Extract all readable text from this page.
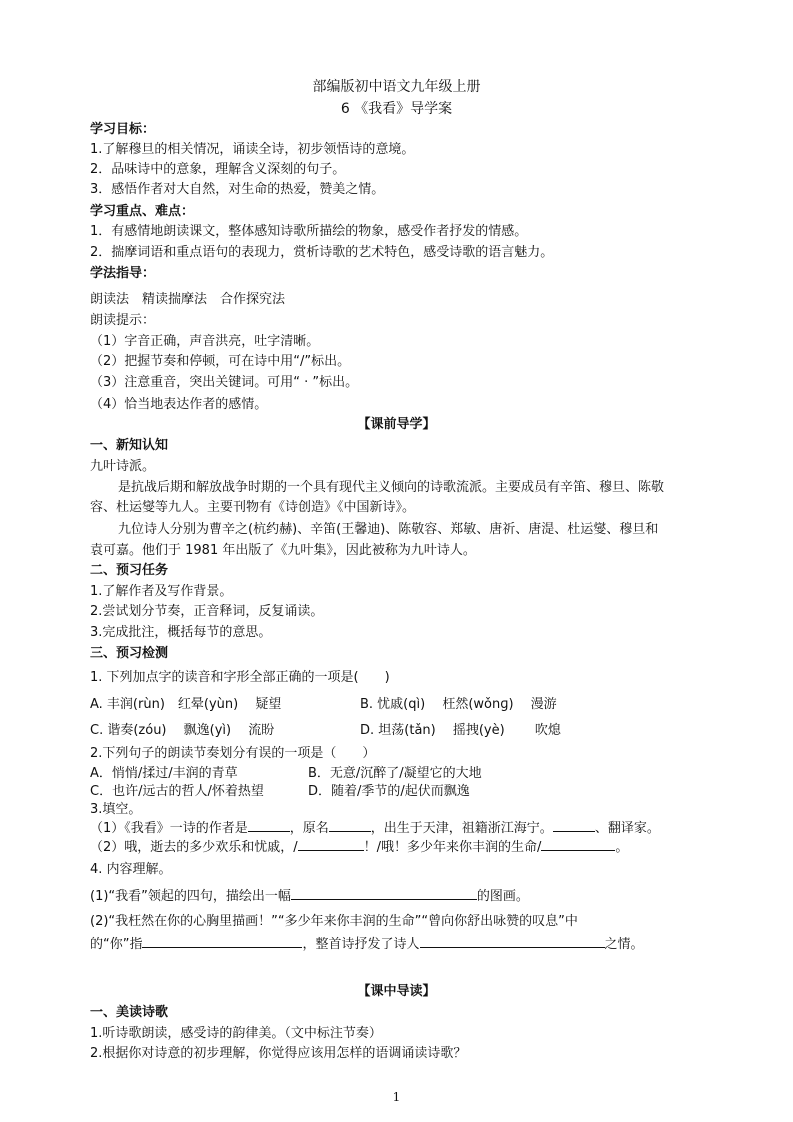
部编版初中语文九年级上册
6 《我看》导学案
学习目标：
1.了解穆旦的相关情况，诵读全诗，初步领悟诗的意境。
2．品味诗中的意象，理解含义深刻的句子。
3．感悟作者对大自然，对生命的热爱，赞美之情。
学习重点、难点：
1．有感情地朗读课文，整体感知诗歌所描绘的物象，感受作者抒发的情感。
2．揣摩词语和重点语句的表现力，赏析诗歌的艺术特色，感受诗歌的语言魅力。
学法指导：
朗读法　精读揣摩法　合作探究法
朗读提示：
（1）字音正确，声音洪亮，吐字清晰。
（2）把握节奏和停顿，可在诗中用“/”标出。
（3）注意重音，突出关键词。可用“ · ”标出。
（4）恰当地表达作者的感情。
【课前导学】
一、新知认知
九叶诗派。
是抗战后期和解放战争时期的一个具有现代主义倾向的诗歌流派。主要成员有辛笛、穆旦、陈敬
容、杜运燮等九人。主要刊物有《诗创造》《中国新诗》。
九位诗人分别为曹辛之(杭约赫)、辛笛(王馨迪)、陈敬容、郑敏、唐祈、唐湜、杜运燮、穆旦和
袁可嘉。他们于 1981 年出版了《九叶集》，因此被称为九叶诗人。
二、预习任务
1.了解作者及写作背景。
2.尝试划分节奏，正音释词，反复诵读。
3.完成批注，概括每节的意思。
三、预习检测
1. 下列加点字的读音和字形全部正确的一项是(　　)
A. 丰润(rùn)　红晕(yùn)　 疑望	B. 忧戚(qì)　 枉然(wǒnɡ)　 漫游
C. 谐奏(zóu)　 飘逸(yì)　 流盼	D. 坦荡(tǎn)　 摇拽(yè)　 　吹熄
2.下列句子的朗读节奏划分有误的一项是（　　）
A．悄悄/揉过/丰润的青草	B．无意/沉醉了/凝望它的大地
C．也许/远古的哲人/怀着热望	D．随着/季节的/起伏而飘逸
3.填空。
（1）《我看》一诗的作者是	，原名	，出生于天津，祖籍浙江海宁。	、翻译家。
（2）哦，逝去的多少欢乐和忧戚，/	！/哦！多少年来你丰润的生命/	。
4. 内容理解。
(1)“我看”领起的四句，描绘出一幅	的图画。
(2)“我枉然在你的心胸里描画！”“多少年来你丰润的生命”“曾向你舒出咏赞的叹息”中
的“你”指	，整首诗抒发了诗人	之情。
【课中导读】
一、美读诗歌
1.听诗歌朗读，感受诗的韵律美。（文中标注节奏）
2.根据你对诗意的初步理解，你觉得应该用怎样的语调诵读诗歌？
1
